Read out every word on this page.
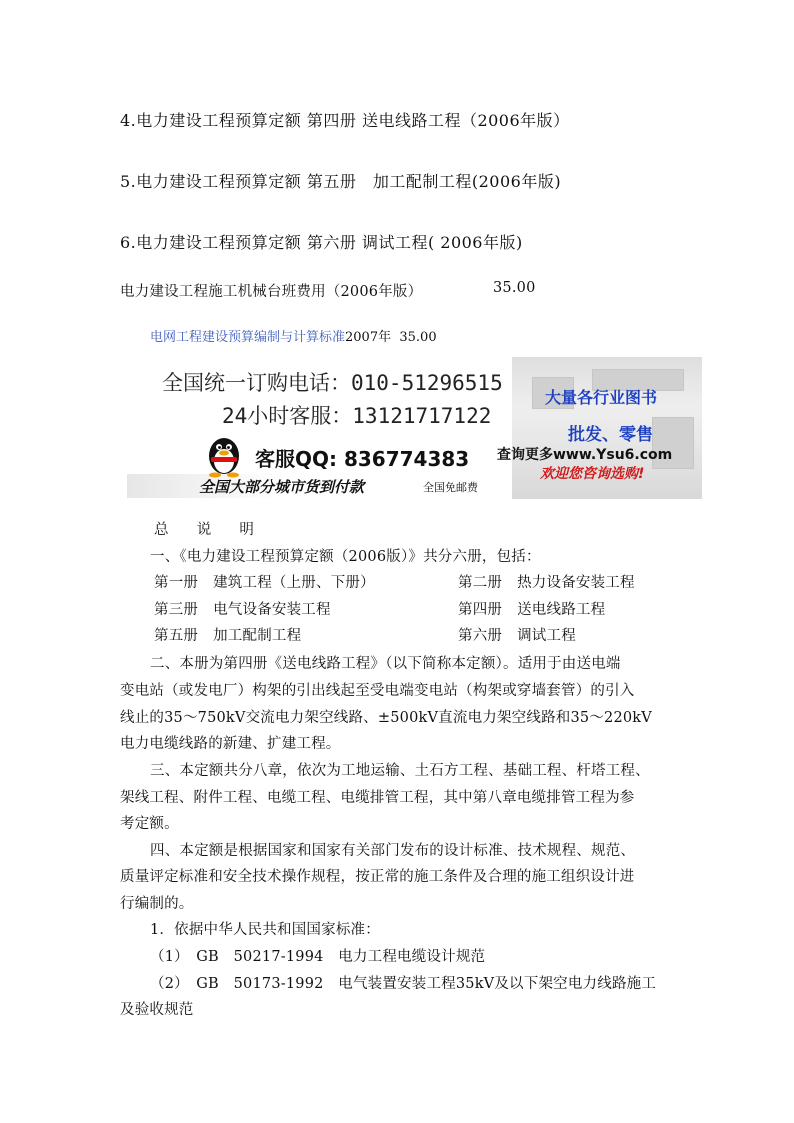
4.电力建设工程预算定额 第四册 送电线路工程（2006年版）
5.电力建设工程预算定额 第五册　加工配制工程(2006年版)
6.电力建设工程预算定额 第六册 调试工程( 2006年版)
电力建设工程施工机械台班费用（2006年版）	35.00
电网工程建设预算编制与计算标准2007年 35.00
全国统一订购电话：010-51296515
24小时客服：13121717122
客服QQ: 836774383
全国大部分城市货到付款	全国免邮费
大量各行业图书
批发、零售
查询更多www.Ysu6.com
欢迎您咨询选购!
总 说 明
一、《电力建设工程预算定额（2006版）》共分六册，包括：
第一册 建筑工程（上册、下册）	第二册 热力设备安装工程
第三册 电气设备安装工程	第四册 送电线路工程
第五册 加工配制工程	第六册 调试工程
二、本册为第四册《送电线路工程》（以下简称本定额）。适用于由送电端
变电站（或发电厂）构架的引出线起至受电端变电站（构架或穿墙套管）的引入
线止的35～750kV交流电力架空线路、±500kV直流电力架空线路和35～220kV
电力电缆线路的新建、扩建工程。
三、本定额共分八章，依次为工地运输、土石方工程、基础工程、杆塔工程、
架线工程、附件工程、电缆工程、电缆排管工程，其中第八章电缆排管工程为参
考定额。
四、本定额是根据国家和国家有关部门发布的设计标准、技术规程、规范、
质量评定标准和安全技术操作规程，按正常的施工条件及合理的施工组织设计进
行编制的。
1．依据中华人民共和国国家标准：
（1）　GB　50217-1994　电力工程电缆设计规范
（2）　GB　50173-1992　电气装置安装工程35kV及以下架空电力线路施工
及验收规范
